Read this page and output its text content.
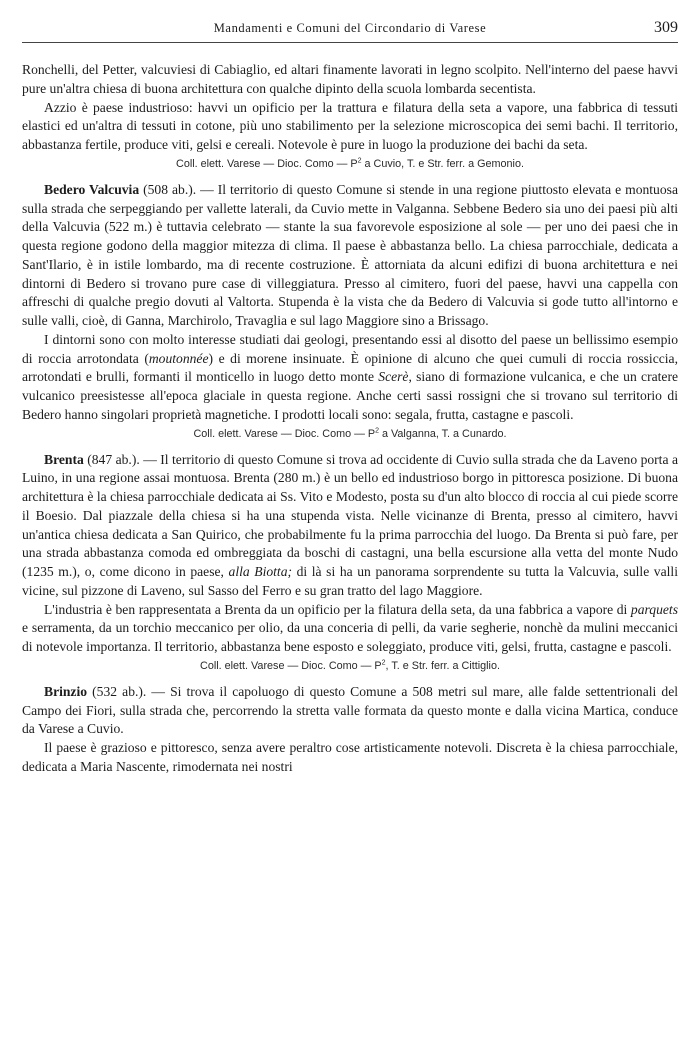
Mandamenti e Comuni del Circondario di Varese	309

Ronchelli, del Petter, valcuviesi di Cabiaglio, ed altari finamente lavorati in legno scolpito. Nell'interno del paese havvi pure un'altra chiesa di buona architettura con qualche dipinto della scuola lombarda secentista.

Azzio è paese industrioso: havvi un opificio per la trattura e filatura della seta a vapore, una fabbrica di tessuti elastici ed un'altra di tessuti in cotone, più uno stabilimento per la selezione microscopica dei semi bachi. Il territorio, abbastanza fertile, produce viti, gelsi e cereali. Notevole è pure in luogo la produzione dei bachi da seta.

Coll. elett. Varese — Dioc. Como — $P^2$ a Cuvio, T. e Str. ferr. a Gemonio.

Bedero Valcuvia (508 ab.). — Il territorio di questo Comune si stende in una regione piuttosto elevata e montuosa sulla strada che serpeggiando per vallette laterali, da Cuvio mette in Valganna. Sebbene Bedero sia uno dei paesi più alti della Valcuvia (522 m.) è tuttavia celebrato — stante la sua favorevole esposizione al sole — per uno dei paesi che in questa regione godono della maggior mitezza di clima. Il paese è abbastanza bello. La chiesa parrocchiale, dedicata a Sant'Ilario, è in istile lombardo, ma di recente costruzione. È attorniata da alcuni edifizi di buona architettura e nei dintorni di Bedero si trovano pure case di villeggiatura. Presso al cimitero, fuori del paese, havvi una cappella con affreschi di qualche pregio dovuti al Valtorta. Stupenda è la vista che da Bedero di Valcuvia si gode tutto all'intorno e sulle valli, cioè, di Ganna, Marchirolo, Travaglia e sul lago Maggiore sino a Brissago.

I dintorni sono con molto interesse studiati dai geologi, presentando essi al disotto del paese un bellissimo esempio di roccia arrotondata (moutonnée) e di morene insinuate. È opinione di alcuno che quei cumuli di roccia rossiccia, arrotondati e brulli, formanti il monticello in luogo detto monte Scerè, siano di formazione vulcanica, e che un cratere vulcanico preesistesse all'epoca glaciale in questa regione. Anche certi sassi rossigni che si trovano sul territorio di Bedero hanno singolari proprietà magnetiche. I prodotti locali sono: segala, frutta, castagne e pascoli.

Coll. elett. Varese — Dioc. Como — $P^2$ a Valganna, T. a Cunardo.

Brenta (847 ab.). — Il territorio di questo Comune si trova ad occidente di Cuvio sulla strada che da Laveno porta a Luino, in una regione assai montuosa. Brenta (280 m.) è un bello ed industrioso borgo in pittoresca posizione. Di buona architettura è la chiesa parrocchiale dedicata ai Ss. Vito e Modesto, posta su d'un alto blocco di roccia al cui piede scorre il Boesio. Dal piazzale della chiesa si ha una stupenda vista. Nelle vicinanze di Brenta, presso al cimitero, havvi un'antica chiesa dedicata a San Quirico, che probabilmente fu la prima parrocchia del luogo. Da Brenta si può fare, per una strada abbastanza comoda ed ombreggiata da boschi di castagni, una bella escursione alla vetta del monte Nudo (1235 m.), o, come dicono in paese, alla Biotta; di là si ha un panorama sorprendente su tutta la Valcuvia, sulle valli vicine, sul pizzone di Laveno, sul Sasso del Ferro e su gran tratto del lago Maggiore.

L'industria è ben rappresentata a Brenta da un opificio per la filatura della seta, da una fabbrica a vapore di parquets e serramenta, da un torchio meccanico per olio, da una conceria di pelli, da varie segherie, nonchè da mulini meccanici di notevole importanza. Il territorio, abbastanza bene esposto e soleggiato, produce viti, gelsi, frutta, castagne e pascoli.

Coll. elett. Varese — Dioc. Como — $P^2$, T. e Str. ferr. a Cittiglio.

Brinzio (532 ab.). — Si trova il capoluogo di questo Comune a 508 metri sul mare, alle falde settentrionali del Campo dei Fiori, sulla strada che, percorrendo la stretta valle formata da questo monte e dalla vicina Martica, conduce da Varese a Cuvio.

Il paese è grazioso e pittoresco, senza avere peraltro cose artisticamente notevoli. Discreta è la chiesa parrocchiale, dedicata a Maria Nascente, rimodernata nei nostri
